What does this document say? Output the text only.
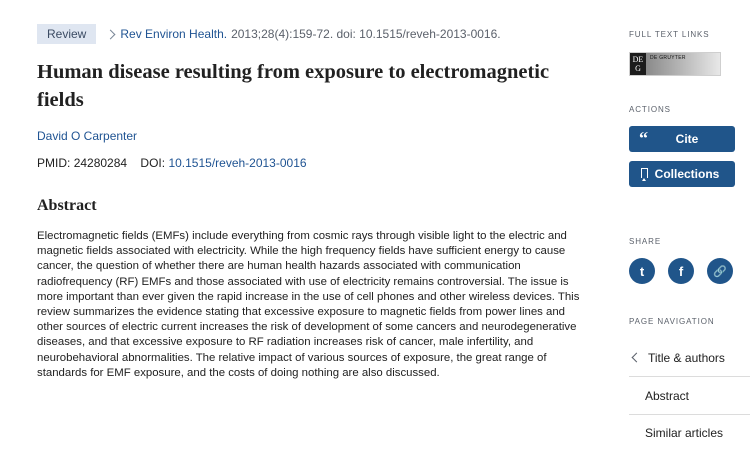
Review	Rev Environ Health. 2013;28(4):159-72. doi: 10.1515/reveh-2013-0016.
Human disease resulting from exposure to electromagnetic fields
David O Carpenter
PMID: 24280284 DOI: 10.1515/reveh-2013-0016
Abstract

Electromagnetic fields (EMFs) include everything from cosmic rays through visible light to the electric and magnetic fields associated with electricity. While the high frequency fields have sufficient energy to cause cancer, the question of whether there are human health hazards associated with communication radiofrequency (RF) EMFs and those associated with use of electricity remains controversial. The issue is more important than ever given the rapid increase in the use of cell phones and other wireless devices. This review summarizes the evidence stating that excessive exposure to magnetic fields from power lines and other sources of electric current increases the risk of development of some cancers and neurodegenerative diseases, and that excessive exposure to RF radiation increases risk of cancer, male infertility, and neurobehavioral abnormalities. The relative impact of various sources of exposure, the great range of standards for EMF exposure, and the costs of doing nothing are also discussed.

FULL TEXT LINKS
DE G
DE GRUYTER
ACTIONS
“ Cite
Collections
SHARE
t	f	🔗
PAGE NAVIGATION
Title & authors
Abstract
Similar articles
